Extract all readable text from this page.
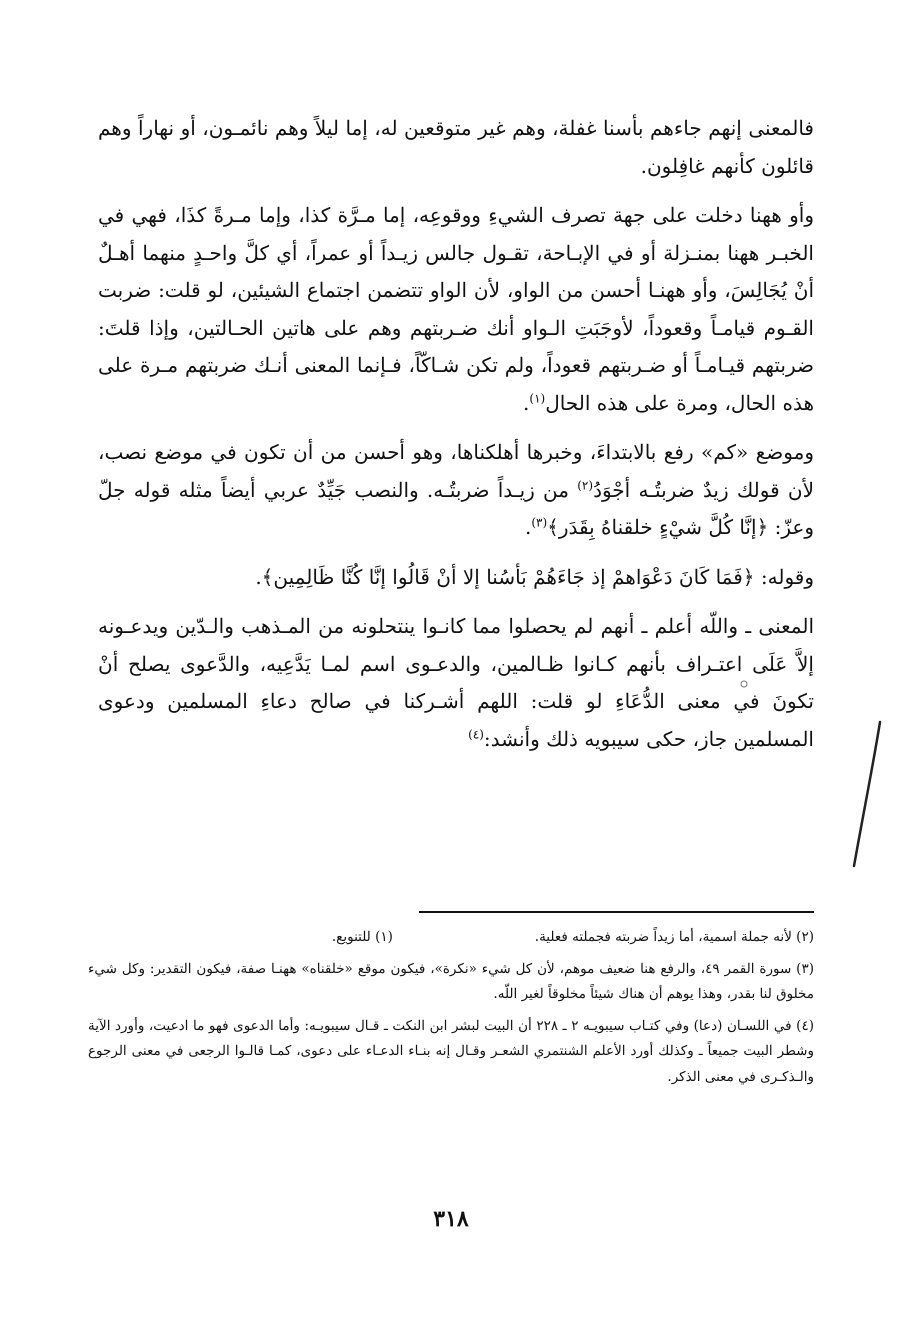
فالمعنى إنهم جاءهم بأسنا غفلة، وهم غير متوقعين له، إما ليلاً وهم نائمـون، أو نهاراً وهم قائلون كأنهم غافِلون.

وأو ههنا دخلت على جهة تصرف الشيءِ ووقوعِه، إما مـرَّة كذا، وإما مـرةً كذَا، فهي في الخبـر ههنا بمنـزلة أو في الإبـاحة، تقـول جالس زيـداً أو عمراً، أي كلَّ واحـدٍ منهما أهـلٌ أنْ يُجَالِسَ، وأو ههنـا أحسن من الواو، لأن الواو تتضمن اجتماع الشيئين، لو قلت: ضربت القـوم قيامـاً وقعوداً، لأوجَبَتِ الـواو أنك ضـربتهم وهم على هاتين الحـالتين، وإذا قلتَ: ضربتهم قيـامـاً أو ضـربتهم قعوداً، ولم تكن شـاكّاً، فـإنما المعنى أنـك ضربتهم مـرة على هذه الحال، ومرة على هذه الحال$^{(١)}$.

وموضع «كم» رفع بالابتداءَ، وخبرها أهلكناها، وهو أحسن من أن تكون في موضع نصب، لأن قولك زيدٌ ضربتُـه أجْوَدُ$^{(٢)}$ من زيـداً ضربتُـه. والنصب جَيِّدٌ عربي أيضاً مثله قوله جلّ وعزّ: ﴿إنَّا كُلَّ شيْءٍ خلقناهُ بِقَدَر﴾$^{(٣)}$.

وقوله: ﴿فَمَا كَانَ دَعْوَاهمْ إذ جَاءَهُمْ بَأسُنا إلا أنْ قَالُوا إنَّا كُنَّا ظَالِمِين﴾.

المعنى ـ واللّه أعلم ـ أنهم لم يحصلوا مما كانـوا ينتحلونه من المـذهب والـدّين ويدعـونه إلاَّ عَلَى اعتـراف بأنهم كـانوا ظـالمين، والدعـوى اسم لمـا يَدَّعِيه، والدَّعوى يصلح أنْ تكونَ في معنى الدُّعَاءِ لو قلت: اللهم أشـركنا في صالح دعاءِ المسلمين ودعوى المسلمين جاز، حكى سيبويه ذلك وأنشد:$^{(٤)}$

(٢) لأنه جملة اسمية، أما زيداً ضربته فجملته فعلية.
(١) للتنويع.

(٣) سورة القمر ٤٩، والرفع هنا ضعيف موهم، لأن كل شيء «نكرة»، فيكون موقع «خلقناه» ههنـا صفة، فيكون التقدير: وكل شيء مخلوق لنا بقدر، وهذا يوهم أن هناك شيئاً مخلوقاً لغير اللّه.

(٤) في اللسـان (دعا) وفي كتـاب سيبويـه ٢ ـ ٢٢٨ أن البيت لبشر ابن النكت ـ قـال سيبويـه: وأما الدعوى فهو ما ادعيت، وأورد الآية وشطر البيت جميعاً ـ وكذلك أورد الأعلم الشنتمري الشعـر وقـال إنه بنـاء الدعـاء على دعوى، كمـا قالـوا الرجعى في معنى الرجوع والـذكـرى في معنى الذكر.

٣١٨
